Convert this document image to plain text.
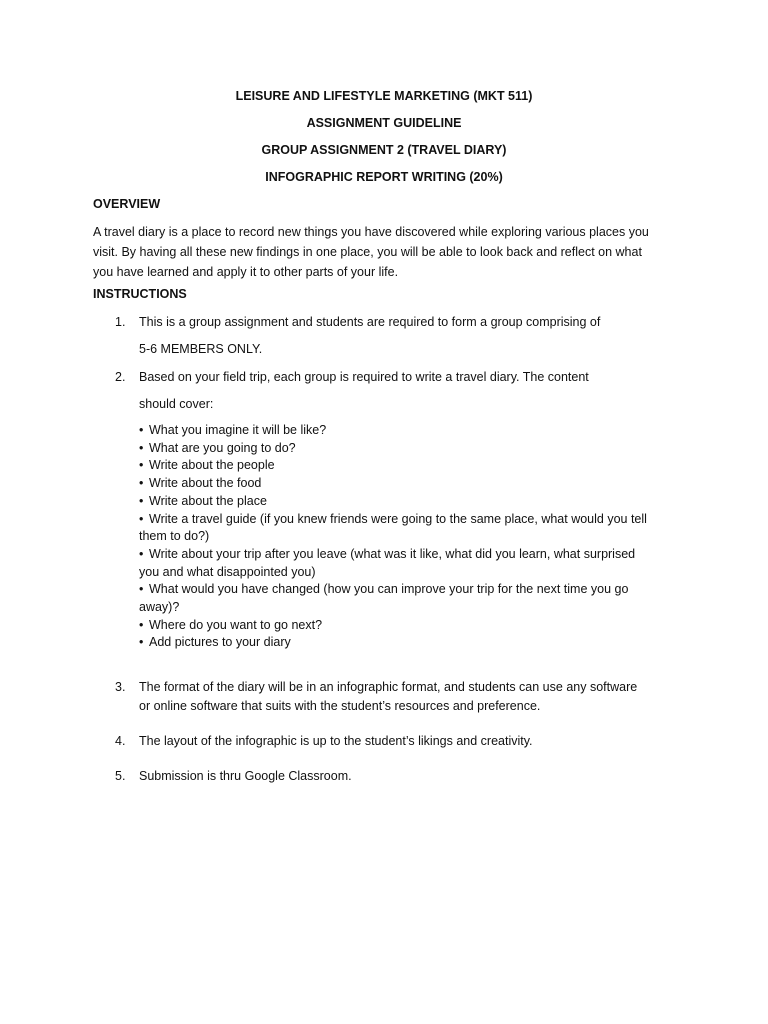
LEISURE AND LIFESTYLE MARKETING (MKT 511)
ASSIGNMENT GUIDELINE
GROUP ASSIGNMENT 2 (TRAVEL DIARY)
INFOGRAPHIC REPORT WRITING (20%)
OVERVIEW
A travel diary is a place to record new things you have discovered while exploring various places you
visit. By having all these new findings in one place, you will be able to look back and reflect on what
you have learned and apply it to other parts of your life.
INSTRUCTIONS
1.	This is a group assignment and students are required to form a group comprising of
5-6 MEMBERS ONLY.
2.	Based on your field trip, each group is required to write a travel diary. The content
should cover:
• What you imagine it will be like?
• What are you going to do?
• Write about the people
• Write about the food
• Write about the place
• Write a travel guide (if you knew friends were going to the same place, what would you tell
them to do?)
• Write about your trip after you leave (what was it like, what did you learn, what surprised
you and what disappointed you)
• What would you have changed (how you can improve your trip for the next time you go
away)?
• Where do you want to go next?
• Add pictures to your diary
3.	The format of the diary will be in an infographic format, and students can use any software
or online software that suits with the student’s resources and preference.
4.	The layout of the infographic is up to the student’s likings and creativity.
5.	Submission is thru Google Classroom.
